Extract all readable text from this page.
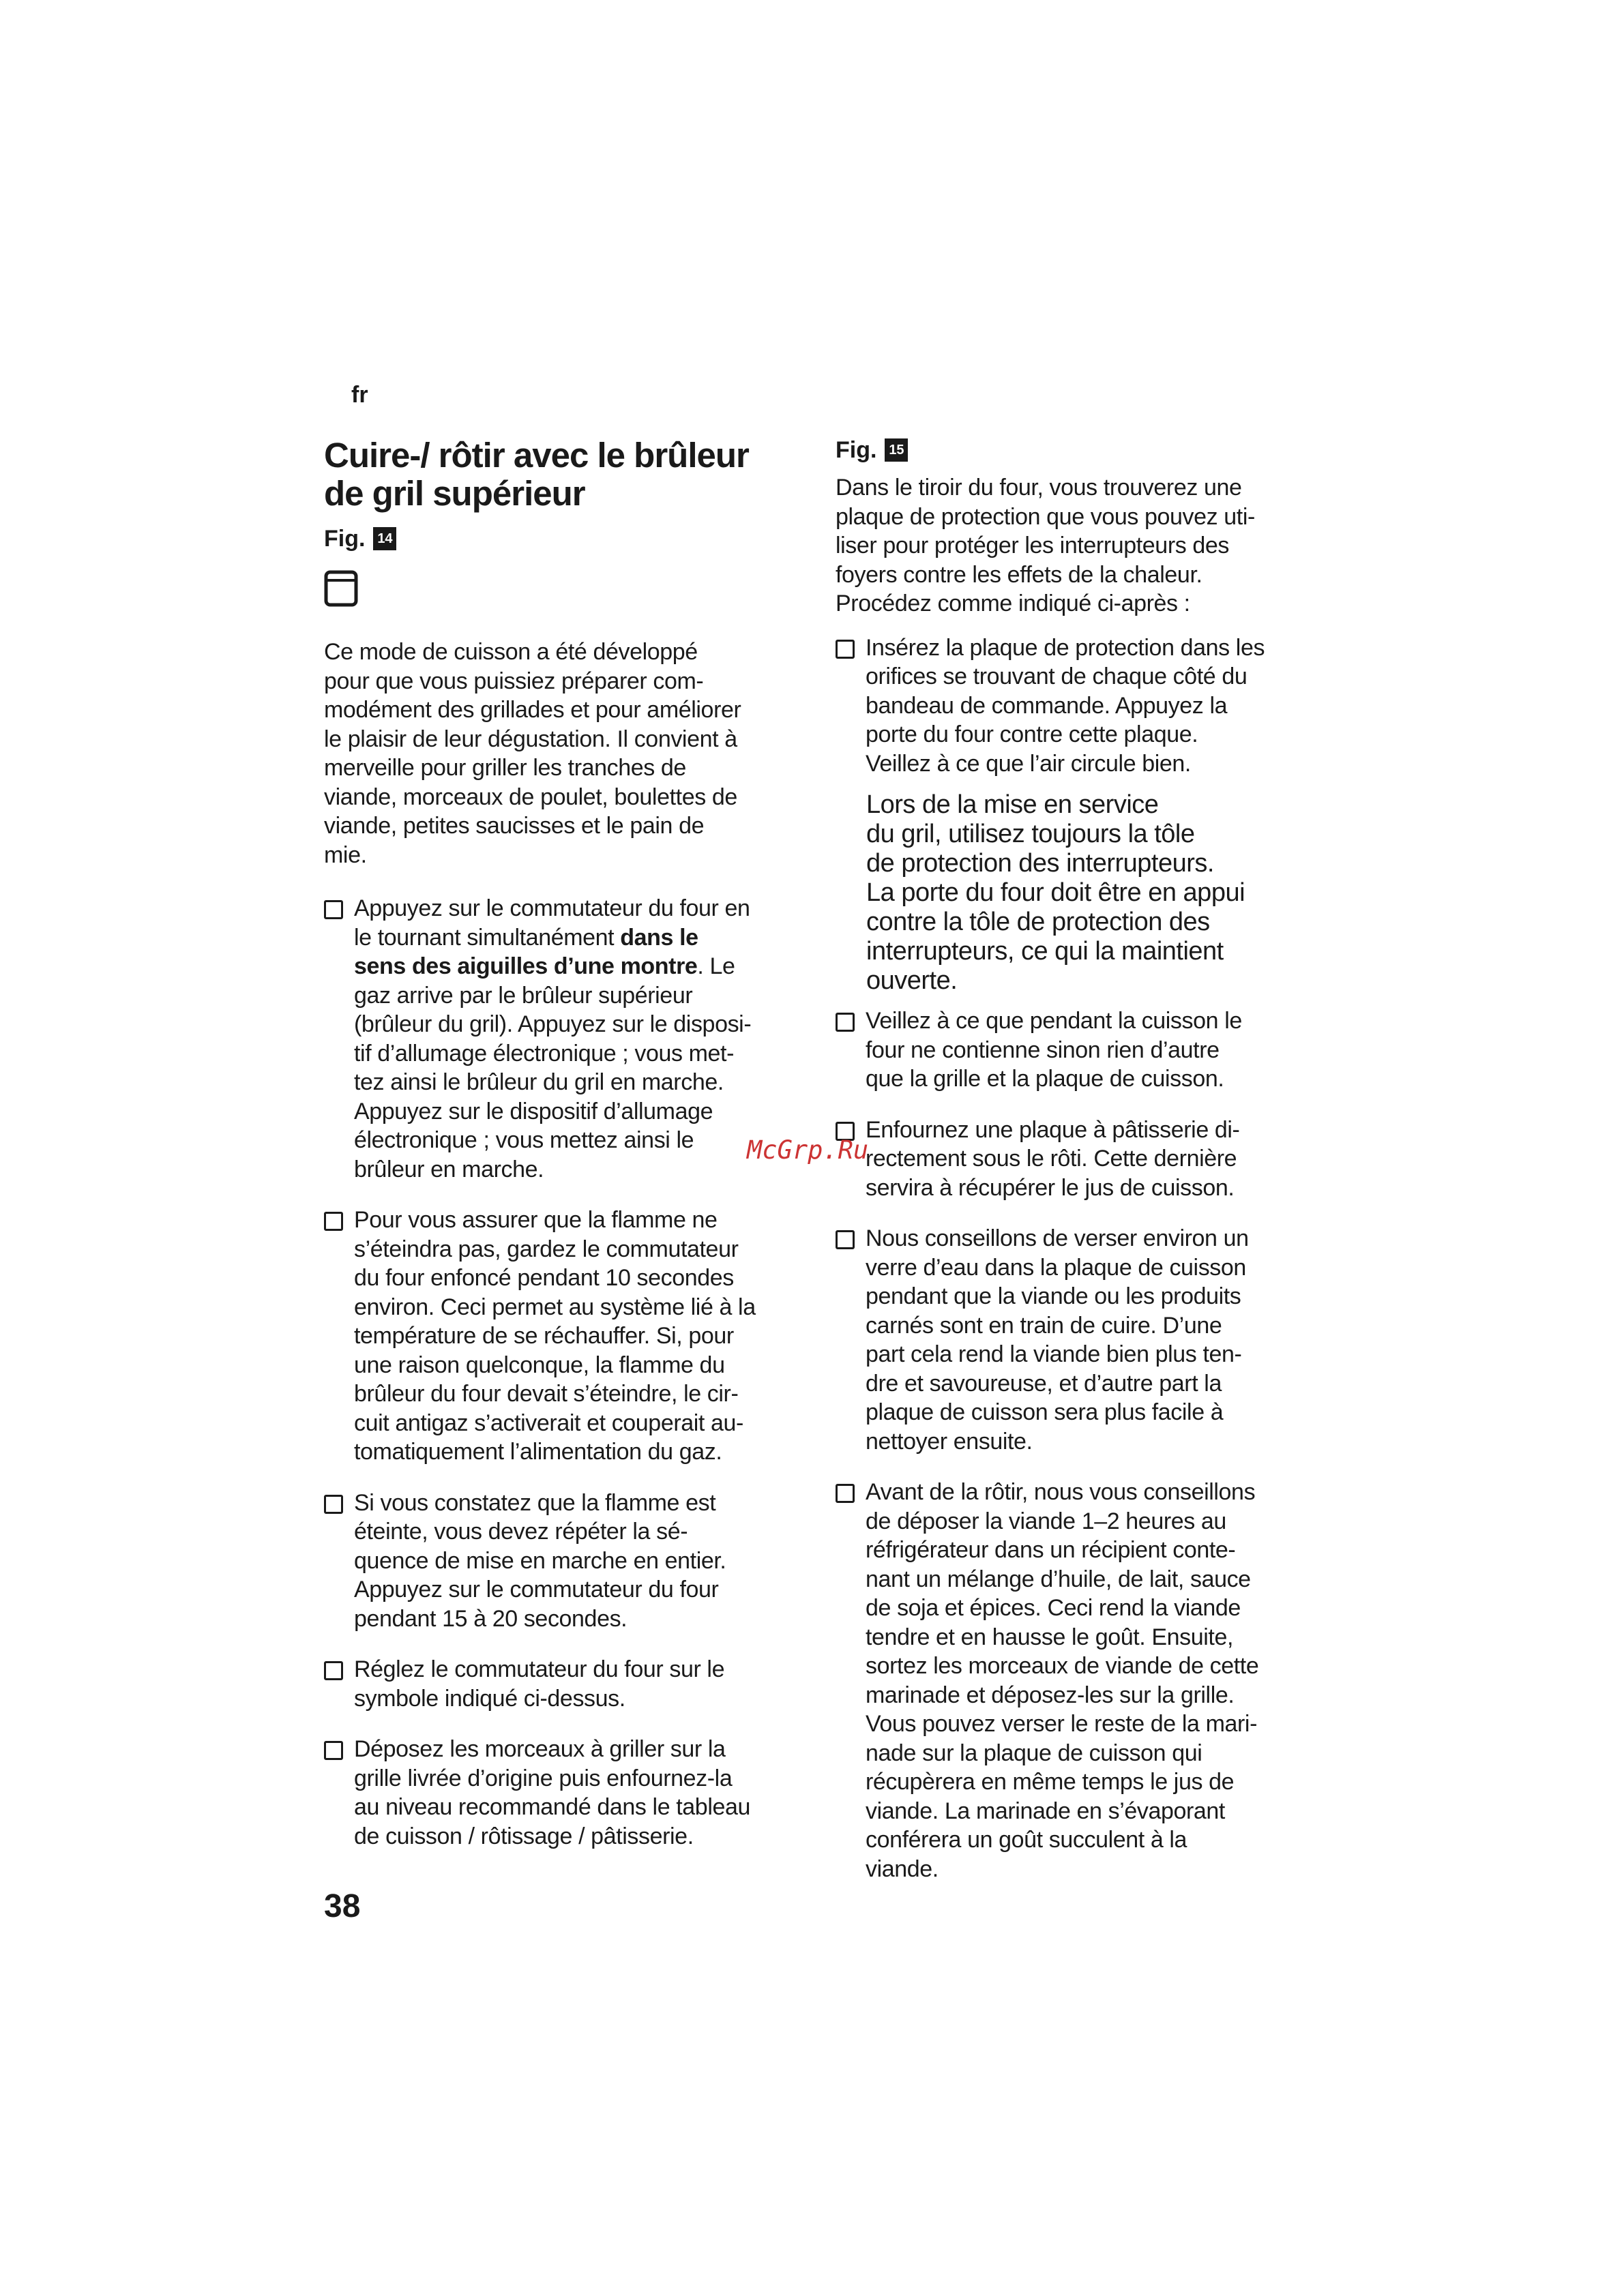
fr
Cuire-/ rôtir avec le brûleur
de gril supérieur
Fig. 14
Ce mode de cuisson a été développé
pour que vous puissiez préparer com-
modément des grillades et pour améliorer
le plaisir de leur dégustation. Il convient à
merveille pour griller les tranches de
viande, morceaux de poulet, boulettes de
viande, petites saucisses et le pain de
mie.
Appuyez sur le commutateur du four en
le tournant simultanément dans le
sens des aiguilles d’une montre. Le
gaz arrive par le brûleur supérieur
(brûleur du gril). Appuyez sur le disposi-
tif d’allumage électronique ; vous met-
tez ainsi le brûleur du gril en marche.
Appuyez sur le dispositif d’allumage
électronique ; vous mettez ainsi le
brûleur en marche.
Pour vous assurer que la flamme ne
s’éteindra pas, gardez le commutateur
du four enfoncé pendant 10 secondes
environ. Ceci permet au système lié à la
température de se réchauffer. Si, pour
une raison quelconque, la flamme du
brûleur du four devait s’éteindre, le cir-
cuit antigaz s’activerait et couperait au-
tomatiquement l’alimentation du gaz.
Si vous constatez que la flamme est
éteinte, vous devez répéter la sé-
quence de mise en marche en entier.
Appuyez sur le commutateur du four
pendant 15 à 20 secondes.
Réglez le commutateur du four sur le
symbole indiqué ci-dessus.
Déposez les morceaux à griller sur la
grille livrée d’origine puis enfournez-la
au niveau recommandé dans le tableau
de cuisson / rôtissage / pâtisserie.
Fig. 15
Dans le tiroir du four, vous trouverez une
plaque de protection que vous pouvez uti-
liser pour protéger les interrupteurs des
foyers contre les effets de la chaleur.
Procédez comme indiqué ci-après :
Insérez la plaque de protection dans les
orifices se trouvant de chaque côté du
bandeau de commande. Appuyez la
porte du four contre cette plaque.
Veillez à ce que l’air circule bien.
Lors de la mise en service
du gril, utilisez toujours la tôle
de protection des interrupteurs.
La porte du four doit être en appui
contre la tôle de protection des
interrupteurs, ce qui la maintient
ouverte.
Veillez à ce que pendant la cuisson le
four ne contienne sinon rien d’autre
que la grille et la plaque de cuisson.
Enfournez une plaque à pâtisserie di-
rectement sous le rôti. Cette dernière
servira à récupérer le jus de cuisson.
Nous conseillons de verser environ un
verre d’eau dans la plaque de cuisson
pendant que la viande ou les produits
carnés sont en train de cuire. D’une
part cela rend la viande bien plus ten-
dre et savoureuse, et d’autre part la
plaque de cuisson sera plus facile à
nettoyer ensuite.
Avant de la rôtir, nous vous conseillons
de déposer la viande 1–2 heures au
réfrigérateur dans un récipient conte-
nant un mélange d’huile, de lait, sauce
de soja et épices. Ceci rend la viande
tendre et en hausse le goût. Ensuite,
sortez les morceaux de viande de cette
marinade et déposez-les sur la grille.
Vous pouvez verser le reste de la mari-
nade sur la plaque de cuisson qui
récupèrera en même temps le jus de
viande. La marinade en s’évaporant
conférera un goût succulent à la
viande.
McGrp.Ru
38
